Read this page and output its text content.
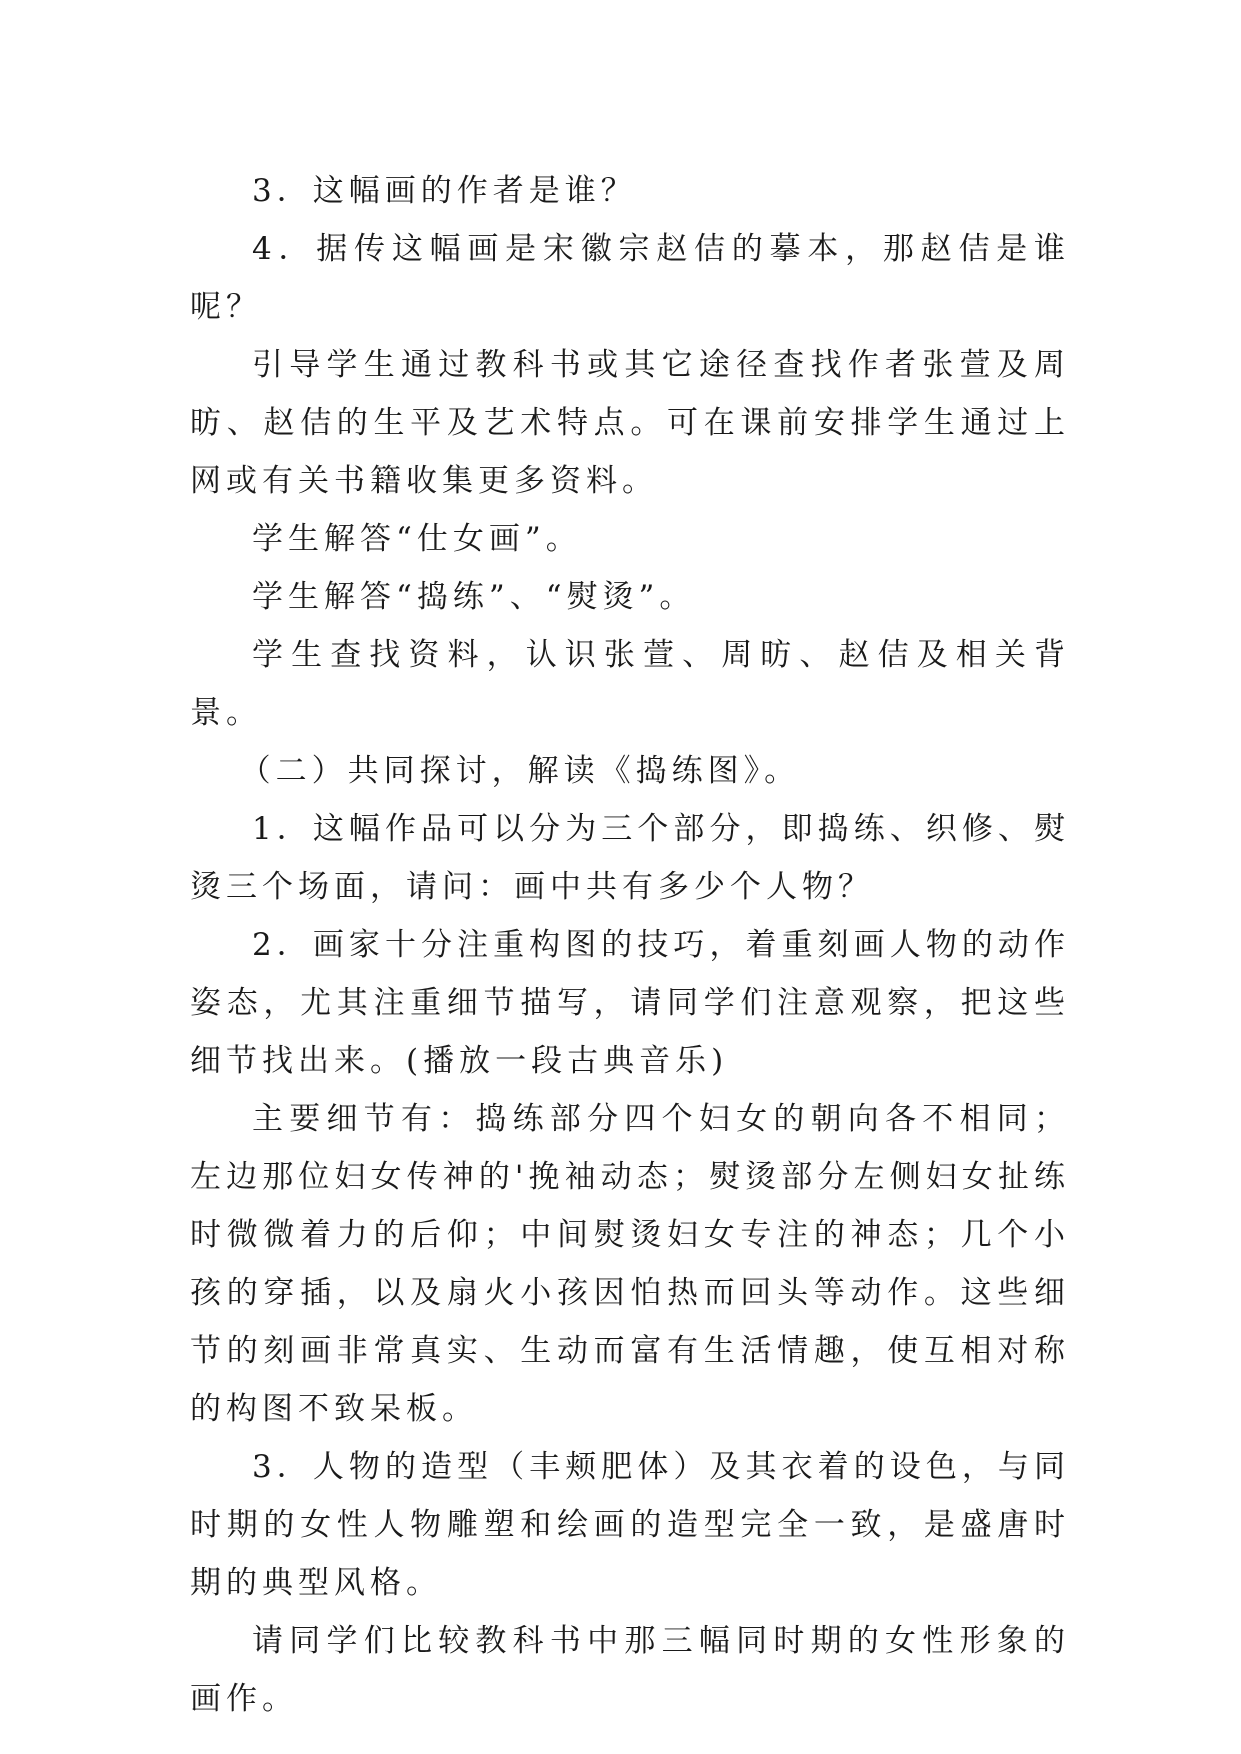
3．这幅画的作者是谁？

4．据传这幅画是宋徽宗赵佶的摹本，那赵佶是谁呢？

引导学生通过教科书或其它途径查找作者张萱及周昉、赵佶的生平及艺术特点。可在课前安排学生通过上网或有关书籍收集更多资料。

学生解答“仕女画”。

学生解答“捣练”、“熨烫”。

学生查找资料，认识张萱、周昉、赵佶及相关背景。

（二）共同探讨，解读《捣练图》。

1．这幅作品可以分为三个部分，即捣练、织修、熨烫三个场面，请问：画中共有多少个人物？

2．画家十分注重构图的技巧，着重刻画人物的动作姿态，尤其注重细节描写，请同学们注意观察，把这些细节找出来。(播放一段古典音乐)

主要细节有：捣练部分四个妇女的朝向各不相同；左边那位妇女传神的'挽袖动态；熨烫部分左侧妇女扯练时微微着力的后仰；中间熨烫妇女专注的神态；几个小孩的穿插，以及扇火小孩因怕热而回头等动作。这些细节的刻画非常真实、生动而富有生活情趣，使互相对称的构图不致呆板。

3．人物的造型（丰颊肥体）及其衣着的设色，与同时期的女性人物雕塑和绘画的造型完全一致，是盛唐时期的典型风格。

请同学们比较教科书中那三幅同时期的女性形象的画作。
